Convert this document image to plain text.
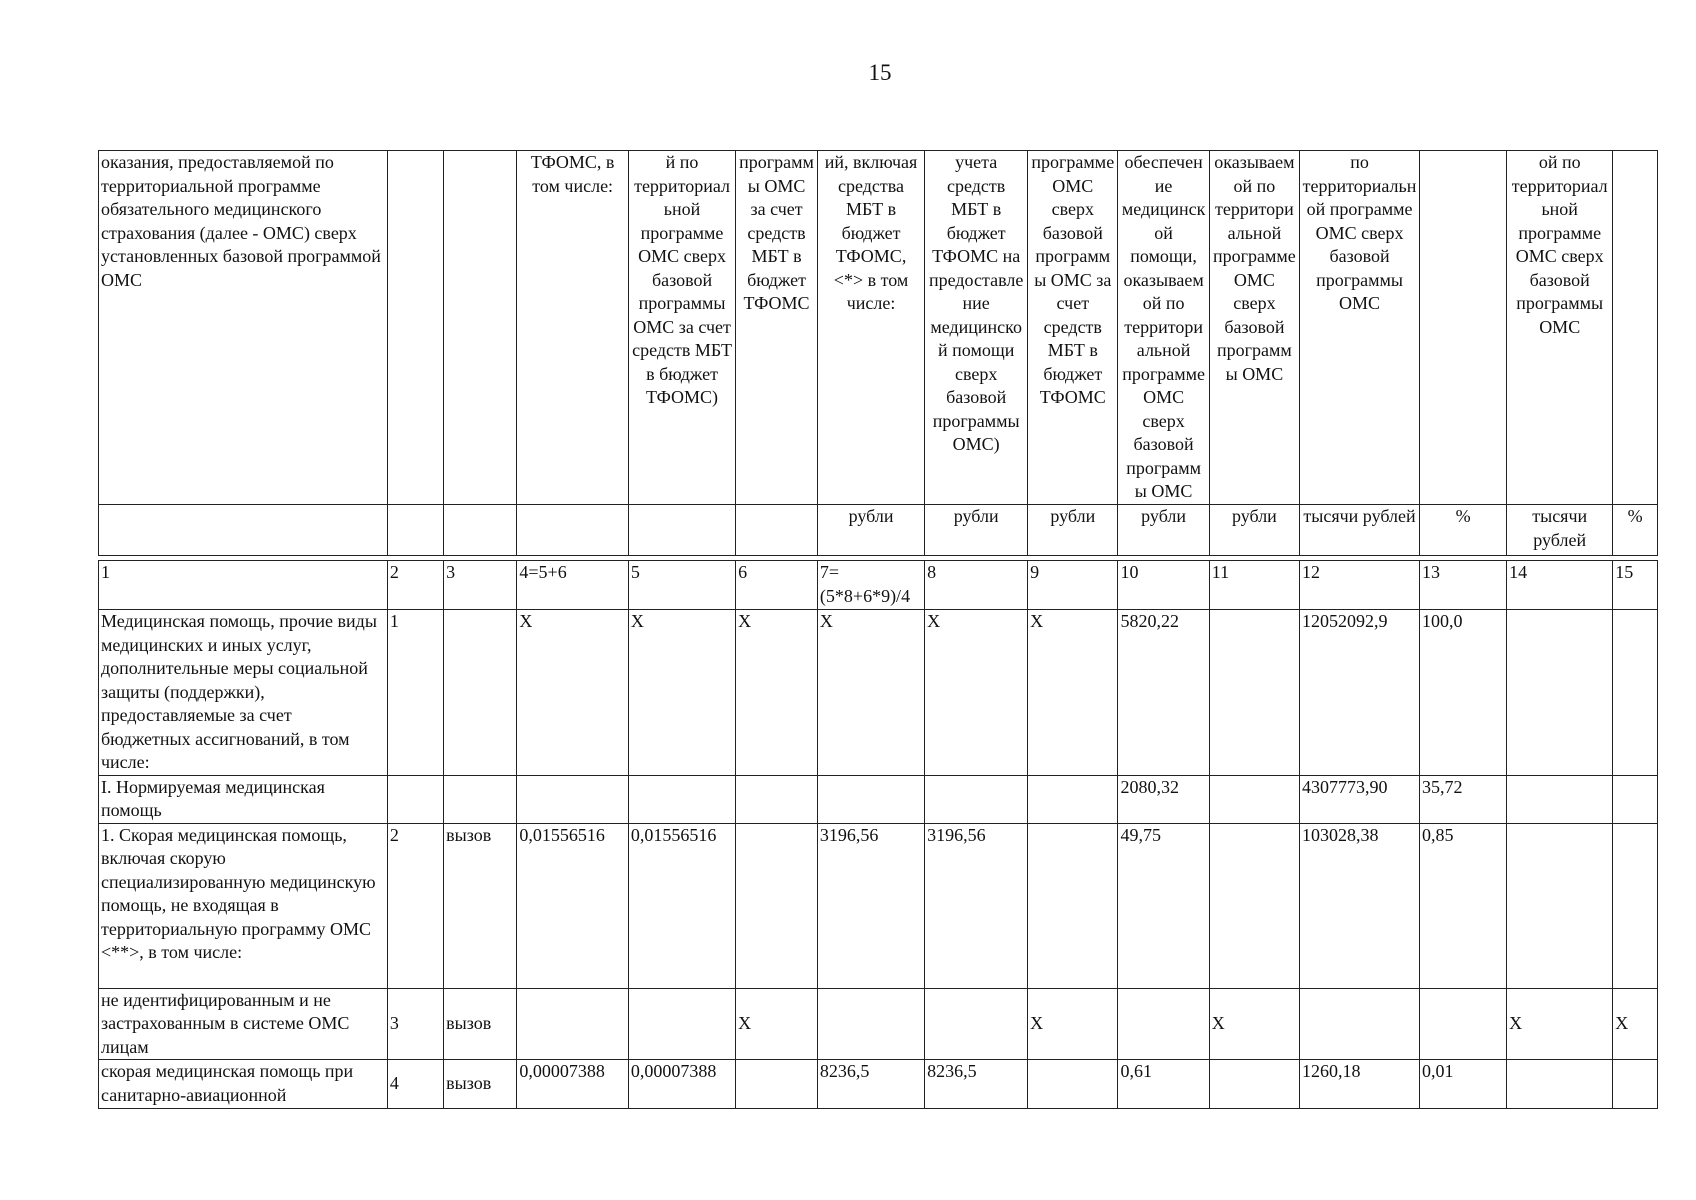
15
оказания, предоставляемой по территориальной программе обязательного медицинского страхования (далее - ОМС) сверх установленных базовой программой ОМС			ТФОМС, в том числе:	й по территориальной программе ОМС сверх базовой программы ОМС за счет средств МБТ в бюджет ТФОМС)	программы ОМС за счет средств МБТ в бюджет ТФОМС	ий, включая средства МБТ в бюджет ТФОМС, <*> в том числе:	учета средств МБТ в бюджет ТФОМС на предоставление медицинской помощи сверх базовой программы ОМС)	программе ОМС сверх базовой программы ОМС за счет средств МБТ в бюджет ТФОМС	обеспечение медицинской помощи, оказываемой по территориальной программе ОМС сверх базовой программы ОМС	оказываемой по территориальной программе ОМС сверх базовой программы ОМС	по территориальной программе ОМС сверх базовой программы ОМС		ой по территориальной программе ОМС сверх базовой программы ОМС	
						рубли	рубли	рубли	рубли	рубли	тысячи рублей	%	тысячи рублей	%

1	2	3	4=5+6	5	6	7=(5*8+6*9)/4	8	9	10	11	12	13	14	15
Медицинская помощь, прочие виды медицинских и иных услуг, дополнительные меры социальной защиты (поддержки), предоставляемые за счет бюджетных ассигнований, в том числе:	1		X	X	X	X	X	X	5820,22		12052092,9	100,0		
I. Нормируемая медицинская помощь									2080,32		4307773,90	35,72		
1. Скорая медицинская помощь, включая скорую специализированную медицинскую помощь, не входящая в территориальную программу ОМС <**>, в том числе:	2	вызов	0,01556516	0,01556516		3196,56	3196,56		49,75		103028,38	0,85		
не идентифицированным и не застрахованным в системе ОМС лицам	3	вызов			X			X		X			X	X
скорая медицинская помощь при санитарно-авиационной	4	вызов	0,00007388	0,00007388		8236,5	8236,5		0,61		1260,18	0,01		
